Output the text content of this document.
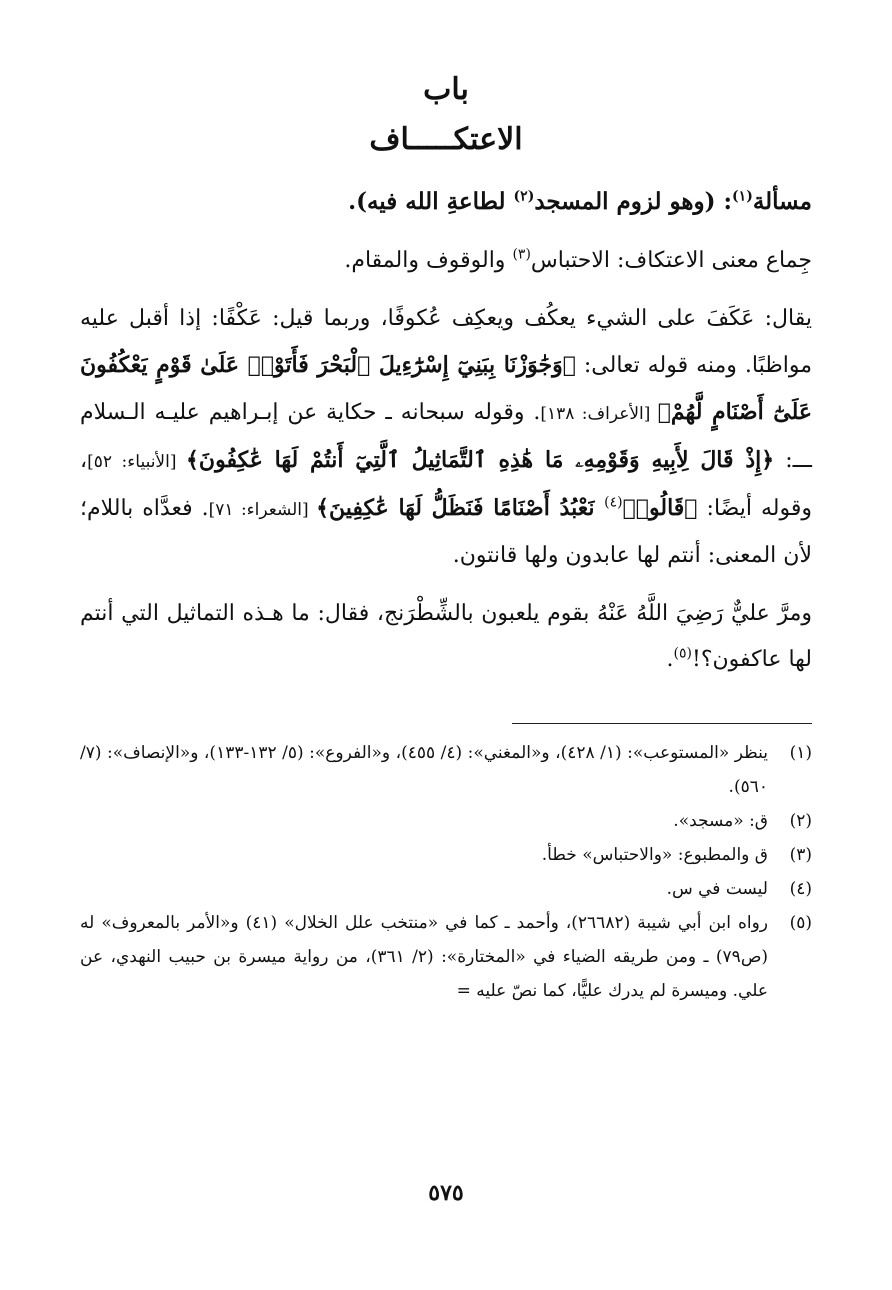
باب
الاعتكـــــاف

مسألة$^{(١)}$: (وهو لزوم المسجد$^{(٢)}$ لطاعةِ الله فيه).

جِماع معنى الاعتكاف: الاحتباس$^{(٣)}$ والوقوف والمقام.

يقال: عَكَفَ على الشيء يعكُف ويعكِف عُكوفًا، وربما قيل: عَكْفًا: إذا أقبل عليه مواظبًا. ومنه قوله تعالى: ﴿وَجَٰوَزْنَا بِبَنِيٓ إِسْرَٰٓءِيلَ ٱلْبَحْرَ فَأَتَوْا۟ عَلَىٰ قَوْمٍ يَعْكُفُونَ عَلَىٰٓ أَصْنَامٍ لَّهُمْ﴾ [الأعراف: ١٣٨]. وقوله سبحانه ـ حكاية عن إبـراهيم عليـه الـسلام ـــ: ﴿إِذْ قَالَ لِأَبِيهِ وَقَوْمِهِۦ مَا هَٰذِهِ ٱلتَّمَاثِيلُ ٱلَّتِيٓ أَنتُمْ لَهَا عَٰكِفُونَ﴾ [الأنبياء: ٥٢]، وقوله أيضًا: ﴿قَالُوا۟$^{(٤)}$ نَعْبُدُ أَصْنَامًا فَنَظَلُّ لَهَا عَٰكِفِينَ﴾ [الشعراء: ٧١]. فعدَّاه باللام؛ لأن المعنى: أنتم لها عابدون ولها قانتون.

ومرَّ عليٌّ رَضِيَ اللَّهُ عَنْهُ بقوم يلعبون بالشِّطْرَنج، فقال: ما هـذه التماثيل التي أنتم لها عاكفون؟!$^{(٥)}$.

(١)
ينظر «المستوعب»: (١/ ٤٢٨)، و«المغني»: (٤/ ٤٥٥)، و«الفروع»: (٥/ ١٣٢-١٣٣)، و«الإنصاف»: (٧/ ٥٦٠).
(٢)
ق: «مسجد».
(٣)
ق والمطبوع: «والاحتباس» خطأ.
(٤)
ليست في س.
(٥)
رواه ابن أبي شيبة (٢٦٦٨٢)، وأحمد ـ كما في «منتخب علل الخلال» (٤١) و«الأمر بالمعروف» له (ص٧٩) ـ ومن طريقه الضياء في «المختارة»: (٢/ ٣٦١)، من رواية ميسرة بن حبيب النهدي، عن علي. وميسرة لم يدرك عليًّا، كما نصّ عليه =
٥٧٥
